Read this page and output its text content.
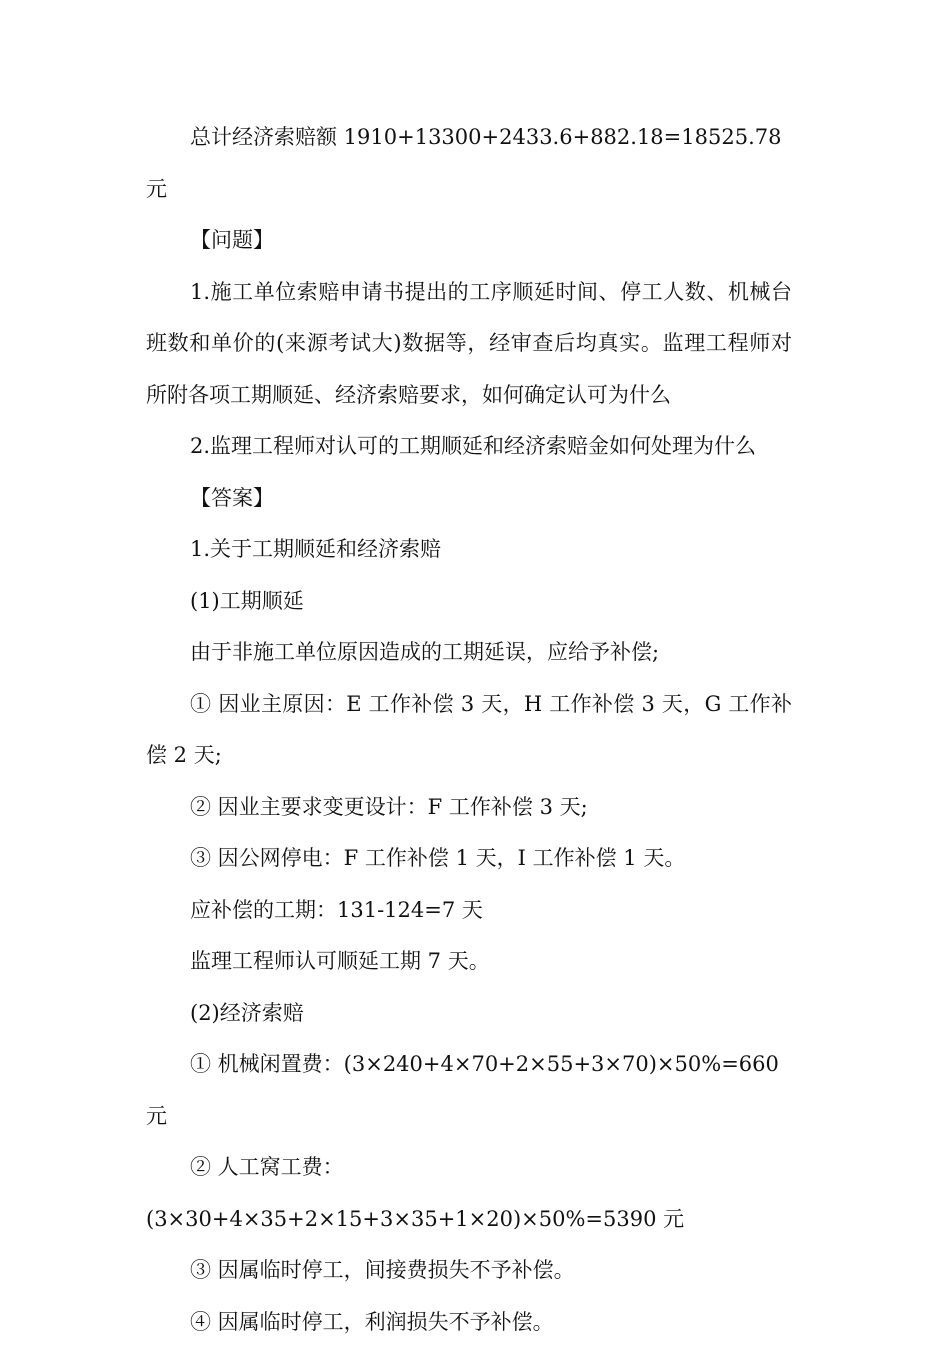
总计经济索赔额 1910+13300+2433.6+882.18=18525.78 元

【问题】

1.施工单位索赔申请书提出的工序顺延时间、停工人数、机械台班数和单价的(来源考试大)数据等，经审查后均真实。监理工程师对所附各项工期顺延、经济索赔要求，如何确定认可为什么

2.监理工程师对认可的工期顺延和经济索赔金如何处理为什么

【答案】

1.关于工期顺延和经济索赔

(1)工期顺延

由于非施工单位原因造成的工期延误，应给予补偿;

① 因业主原因：E 工作补偿 3 天，H 工作补偿 3 天，G 工作补偿 2 天;

② 因业主要求变更设计：F 工作补偿 3 天;

③ 因公网停电：F 工作补偿 1 天，I 工作补偿 1 天。

应补偿的工期：131-124=7 天

监理工程师认可顺延工期 7 天。

(2)经济索赔

① 机械闲置费：(3×240+4×70+2×55+3×70)×50%=660 元

② 人工窝工费：(3×30+4×35+2×15+3×35+1×20)×50%=5390 元

③ 因属临时停工，间接费损失不予补偿。

④ 因属临时停工，利润损失不予补偿。
